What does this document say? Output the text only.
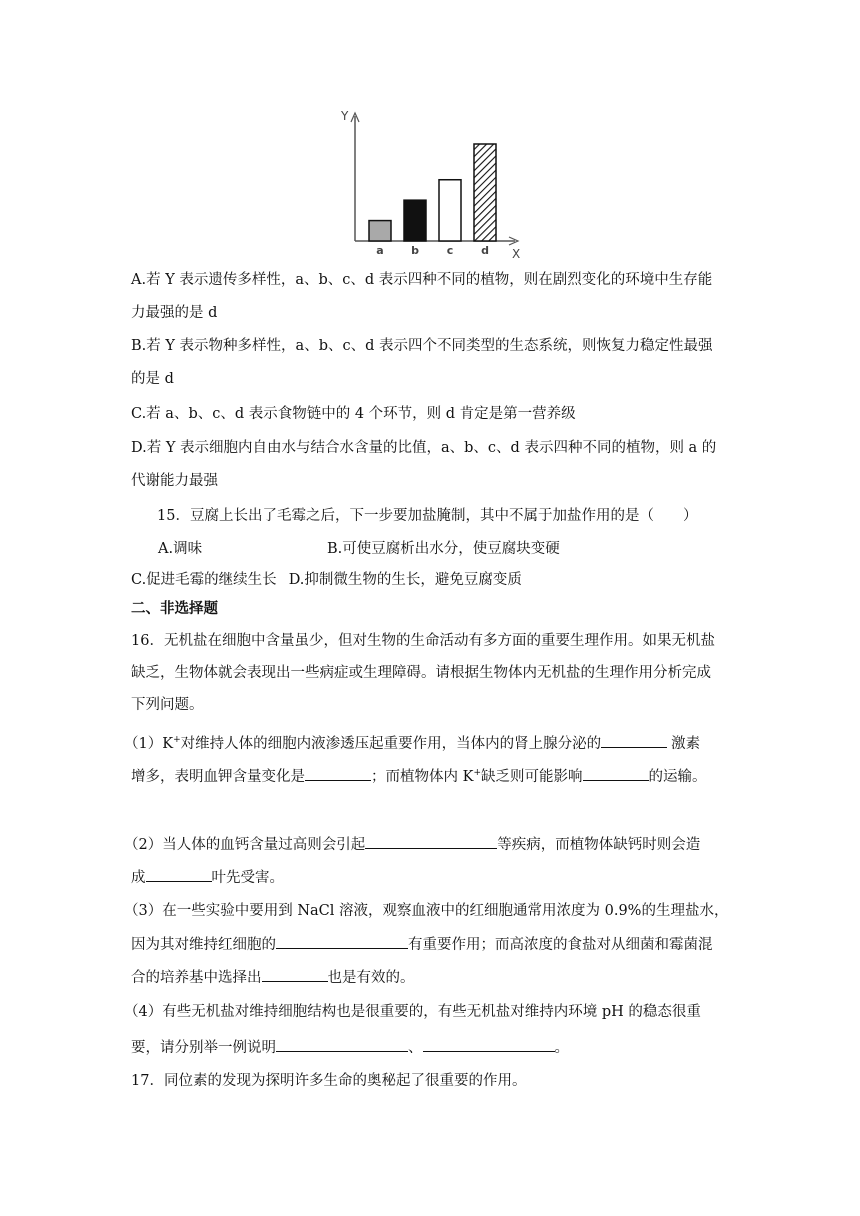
Y
X
a b	c	d
A.若 Y 表示遗传多样性，a、b、c、d 表示四种不同的植物，则在剧烈变化的环境中生存能
力最强的是 d
B.若 Y 表示物种多样性，a、b、c、d 表示四个不同类型的生态系统，则恢复力稳定性最强
的是 d
C.若 a、b、c、d 表示食物链中的 4 个环节，则 d 肯定是第一营养级
D.若 Y 表示细胞内自由水与结合水含量的比值，a、b、c、d 表示四种不同的植物，则 a 的
代谢能力最强
15．豆腐上长出了毛霉之后，下一步要加盐腌制，其中不属于加盐作用的是（　　）
A.调味	B.可使豆腐析出水分，使豆腐块变硬
C.促进毛霉的继续生长 D.抑制微生物的生长，避免豆腐变质
二、非选择题
16．无机盐在细胞中含量虽少，但对生物的生命活动有多方面的重要生理作用。如果无机盐
缺乏，生物体就会表现出一些病症或生理障碍。请根据生物体内无机盐的生理作用分析完成
下列问题。
（1）K+对维持人体的细胞内液渗透压起重要作用，当体内的肾上腺分泌的	激素
增多，表明血钾含量变化是	；而植物体内 K+缺乏则可能影响	的运输。
（2）当人体的血钙含量过高则会引起	等疾病，而植物体缺钙时则会造
成	叶先受害。
（3）在一些实验中要用到 NaCl 溶液，观察血液中的红细胞通常用浓度为 0.9%的生理盐水，
因为其对维持红细胞的	有重要作用；而高浓度的食盐对从细菌和霉菌混
合的培养基中选择出	也是有效的。
（4）有些无机盐对维持细胞结构也是很重要的，有些无机盐对维持内环境 pH 的稳态很重
要，请分别举一例说明	、	。
17．同位素的发现为探明许多生命的奥秘起了很重要的作用。
